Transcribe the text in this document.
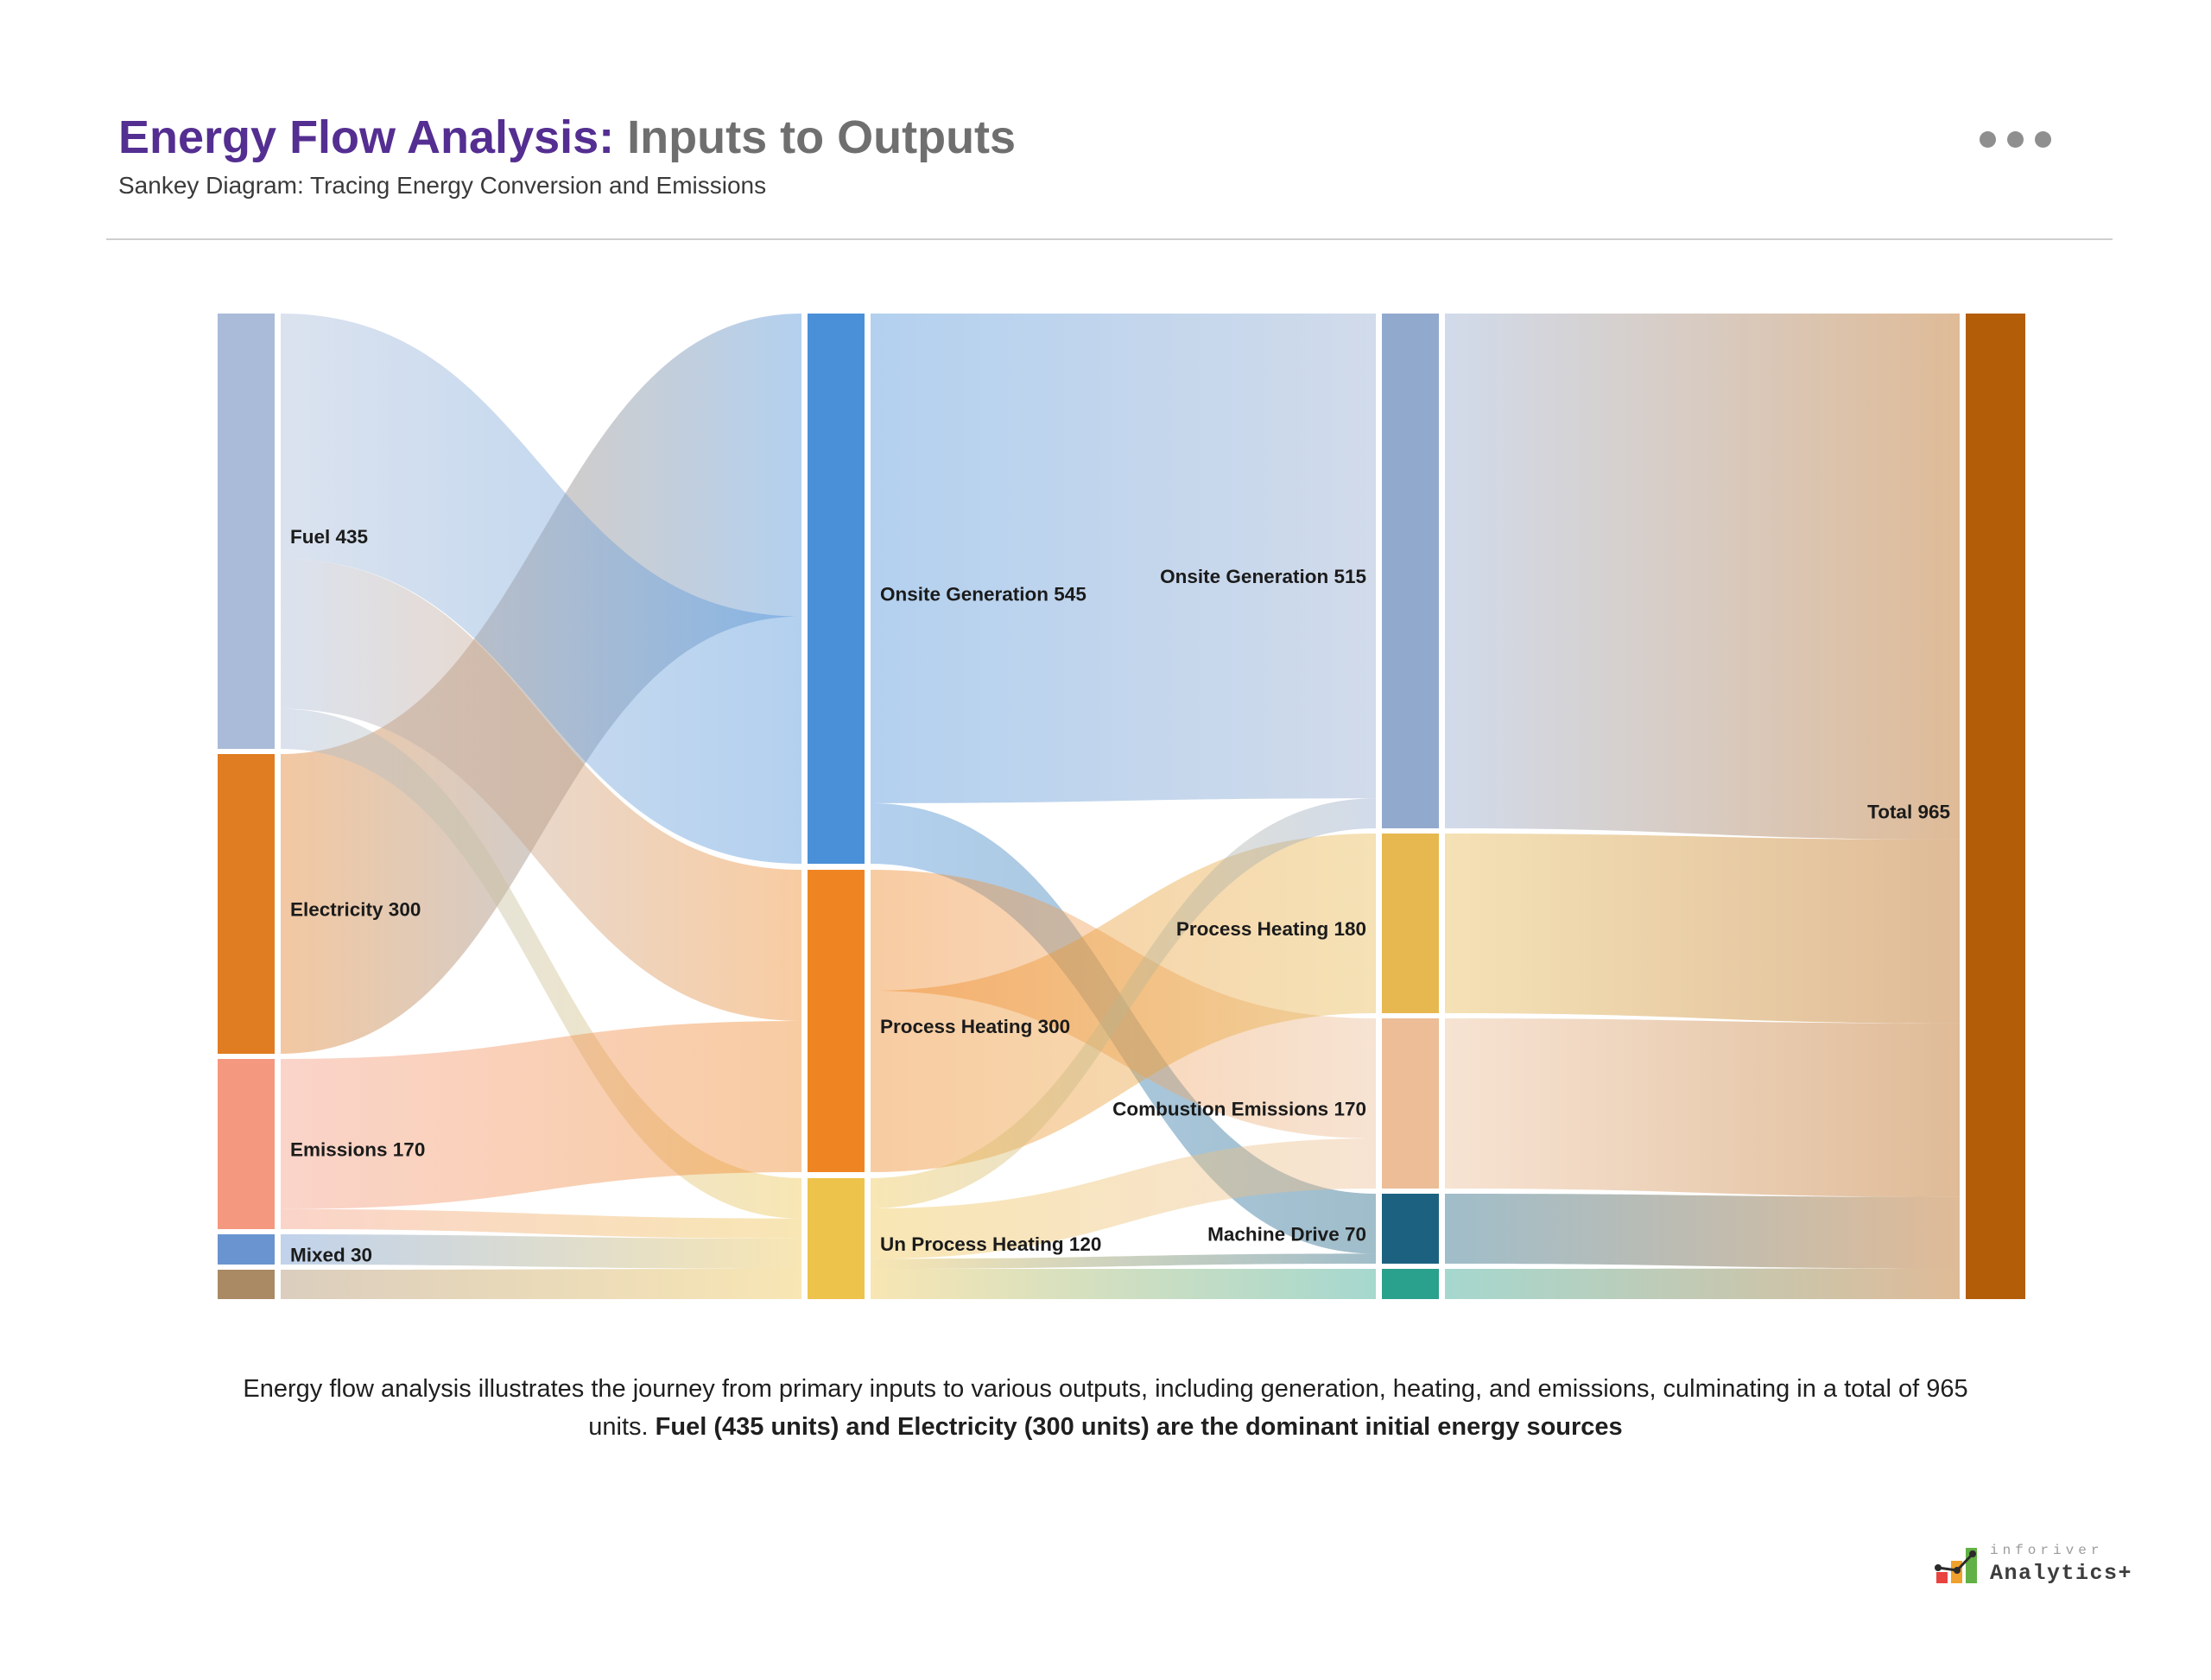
Energy Flow Analysis: Inputs to Outputs
Sankey Diagram: Tracing Energy Conversion and Emissions
Fuel 435
Electricity 300
Emissions 170
Mixed 30
Onsite Generation 545
Process Heating 300
Un Process Heating 120
Onsite Generation 515
Process Heating 180
Combustion Emissions 170
Machine Drive 70
Total 965
Energy flow analysis illustrates the journey from primary inputs to various outputs, including generation, heating, and emissions, culminating in a total of 965
units. Fuel (435 units) and Electricity (300 units) are the dominant initial energy sources
inforiver
Analytics+
